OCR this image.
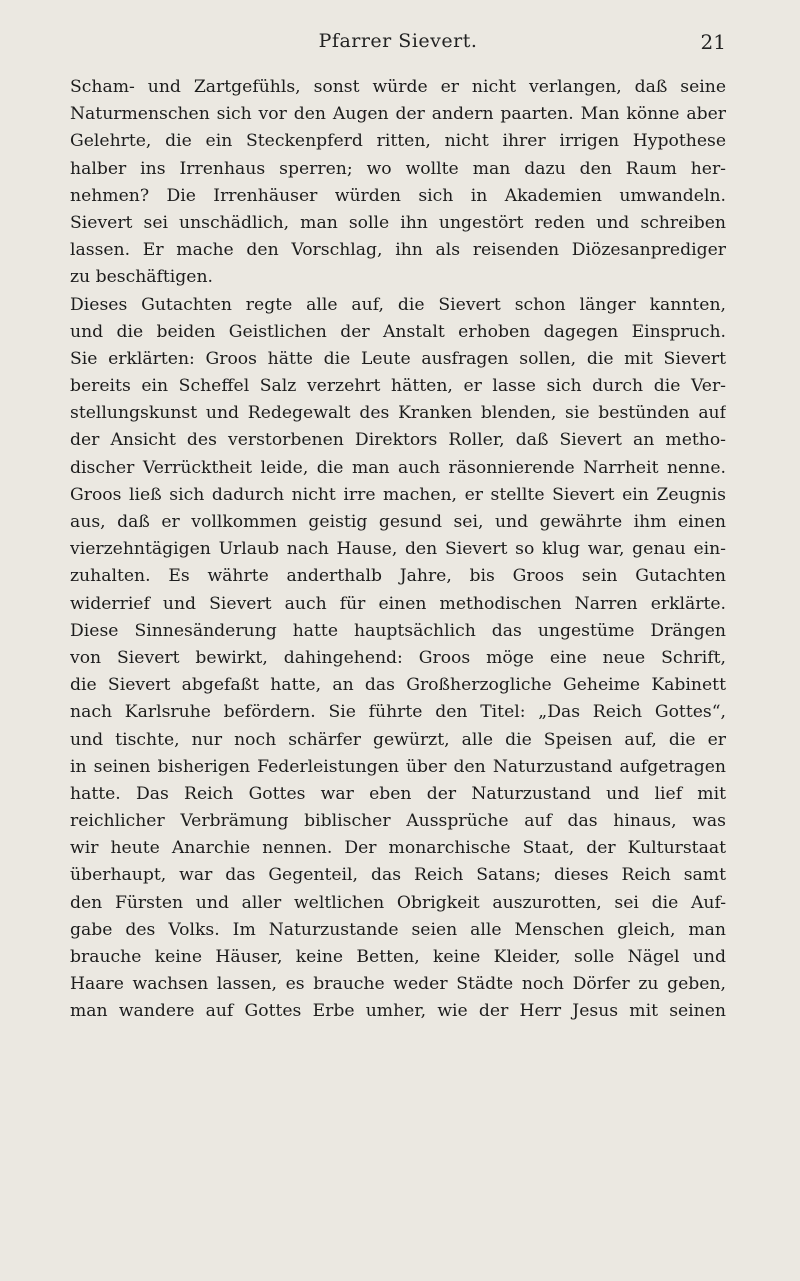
Pfarrer Sievert.	21
Scham- und Zartgefühls, sonst würde er nicht verlangen, daß seine
Naturmenschen sich vor den Augen der andern paarten. Man könne aber
Gelehrte, die ein Steckenpferd ritten, nicht ihrer irrigen Hypothese
halber ins Irrenhaus sperren; wo wollte man dazu den Raum her-
nehmen? Die Irrenhäuser würden sich in Akademien umwandeln.
Sievert sei unschädlich, man solle ihn ungestört reden und schreiben
lassen. Er mache den Vorschlag, ihn als reisenden Diözesanprediger
zu beschäftigen.
Dieses Gutachten regte alle auf, die Sievert schon länger kannten,
und die beiden Geistlichen der Anstalt erhoben dagegen Einspruch.
Sie erklärten: Groos hätte die Leute ausfragen sollen, die mit Sievert
bereits ein Scheffel Salz verzehrt hätten, er lasse sich durch die Ver-
stellungskunst und Redegewalt des Kranken blenden, sie bestünden auf
der Ansicht des verstorbenen Direktors Roller, daß Sievert an metho-
discher Verrücktheit leide, die man auch räsonnierende Narrheit nenne.
Groos ließ sich dadurch nicht irre machen, er stellte Sievert ein Zeugnis
aus, daß er vollkommen geistig gesund sei, und gewährte ihm einen
vierzehntägigen Urlaub nach Hause, den Sievert so klug war, genau ein-
zuhalten. Es währte anderthalb Jahre, bis Groos sein Gutachten
widerrief und Sievert auch für einen methodischen Narren erklärte.
Diese Sinnesänderung hatte hauptsächlich das ungestüme Drängen
von Sievert bewirkt, dahingehend: Groos möge eine neue Schrift,
die Sievert abgefaßt hatte, an das Großherzogliche Geheime Kabinett
nach Karlsruhe befördern. Sie führte den Titel: „Das Reich Gottes“,
und tischte, nur noch schärfer gewürzt, alle die Speisen auf, die er
in seinen bisherigen Federleistungen über den Naturzustand aufgetragen
hatte. Das Reich Gottes war eben der Naturzustand und lief mit
reichlicher Verbrämung biblischer Aussprüche auf das hinaus, was
wir heute Anarchie nennen. Der monarchische Staat, der Kulturstaat
überhaupt, war das Gegenteil, das Reich Satans; dieses Reich samt
den Fürsten und aller weltlichen Obrigkeit auszurotten, sei die Auf-
gabe des Volks. Im Naturzustande seien alle Menschen gleich, man
brauche keine Häuser, keine Betten, keine Kleider, solle Nägel und
Haare wachsen lassen, es brauche weder Städte noch Dörfer zu geben,
man wandere auf Gottes Erbe umher, wie der Herr Jesus mit seinen
